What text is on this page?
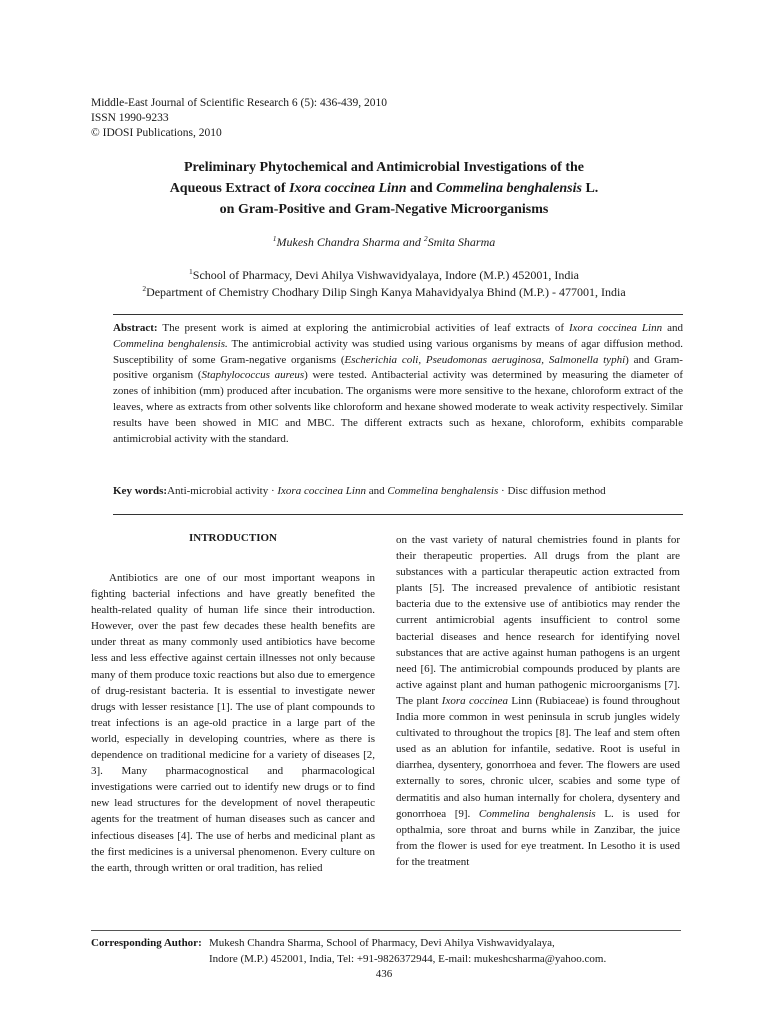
Middle-East Journal of Scientific Research 6 (5): 436-439, 2010
ISSN 1990-9233
© IDOSI Publications, 2010
Preliminary Phytochemical and Antimicrobial Investigations of the
Aqueous Extract of Ixora coccinea Linn and Commelina benghalensis L.
on Gram-Positive and Gram-Negative Microorganisms
$^1$Mukesh Chandra Sharma and $^2$Smita Sharma
$^1$School of Pharmacy, Devi Ahilya Vishwavidyalaya, Indore (M.P.) 452001, India
$^2$Department of Chemistry Chodhary Dilip Singh Kanya Mahavidyalya Bhind (M.P.) - 477001, India
Abstract: The present work is aimed at exploring the antimicrobial activities of leaf extracts of Ixora coccinea Linn and Commelina benghalensis. The antimicrobial activity was studied using various organisms by means of agar diffusion method. Susceptibility of some Gram-negative organisms (Escherichia coli, Pseudomonas aeruginosa, Salmonella typhi) and Gram-positive organism (Staphylococcus aureus) were tested. Antibacterial activity was determined by measuring the diameter of zones of inhibition (mm) produced after incubation. The organisms were more sensitive to the hexane, chloroform extract of the leaves, where as extracts from other solvents like chloroform and hexane showed moderate to weak activity respectively. Similar results have been showed in MIC and MBC. The different extracts such as hexane, chloroform, exhibits comparable antimicrobial activity with the standard.
Key words: Anti-microbial activity · Ixora coccinea Linn and Commelina benghalensis · Disc diffusion method
INTRODUCTION

Antibiotics are one of our most important weapons in fighting bacterial infections and have greatly benefited the health-related quality of human life since their introduction. However, over the past few decades these health benefits are under threat as many commonly used antibiotics have become less and less effective against certain illnesses not only because many of them produce toxic reactions but also due to emergence of drug-resistant bacteria. It is essential to investigate newer drugs with lesser resistance [1]. The use of plant compounds to treat infections is an age-old practice in a large part of the world, especially in developing countries, where as there is dependence on traditional medicine for a variety of diseases [2, 3]. Many pharmacognostical and pharmacological investigations were carried out to identify new drugs or to find new lead structures for the development of novel therapeutic agents for the treatment of human diseases such as cancer and infectious diseases [4]. The use of herbs and medicinal plant as the first medicines is a universal phenomenon. Every culture on the earth, through written or oral tradition, has relied

on the vast variety of natural chemistries found in plants for their therapeutic properties. All drugs from the plant are substances with a particular therapeutic action extracted from plants [5]. The increased prevalence of antibiotic resistant bacteria due to the extensive use of antibiotics may render the current antimicrobial agents insufficient to control some bacterial diseases and hence research for identifying novel substances that are active against human pathogens is an urgent need [6]. The antimicrobial compounds produced by plants are active against plant and human pathogenic microorganisms [7]. The plant Ixora coccinea Linn (Rubiaceae) is found throughout India more common in west peninsula in scrub jungles widely cultivated to throughout the tropics [8]. The leaf and stem often used as an ablution for infantile, sedative. Root is useful in diarrhea, dysentery, gonorrhoea and fever. The flowers are used externally to sores, chronic ulcer, scabies and some type of dermatitis and also human internally for cholera, dysentery and gonorrhoea [9]. Commelina benghalensis L. is used for opthalmia, sore throat and burns while in Zanzibar, the juice from the flower is used for eye treatment. In Lesotho it is used for the treatment

Corresponding Author: Mukesh Chandra Sharma, School of Pharmacy, Devi Ahilya Vishwavidyalaya,
Indore (M.P.) 452001, India, Tel: +91-9826372944, E-mail: mukeshcsharma@yahoo.com.
436
